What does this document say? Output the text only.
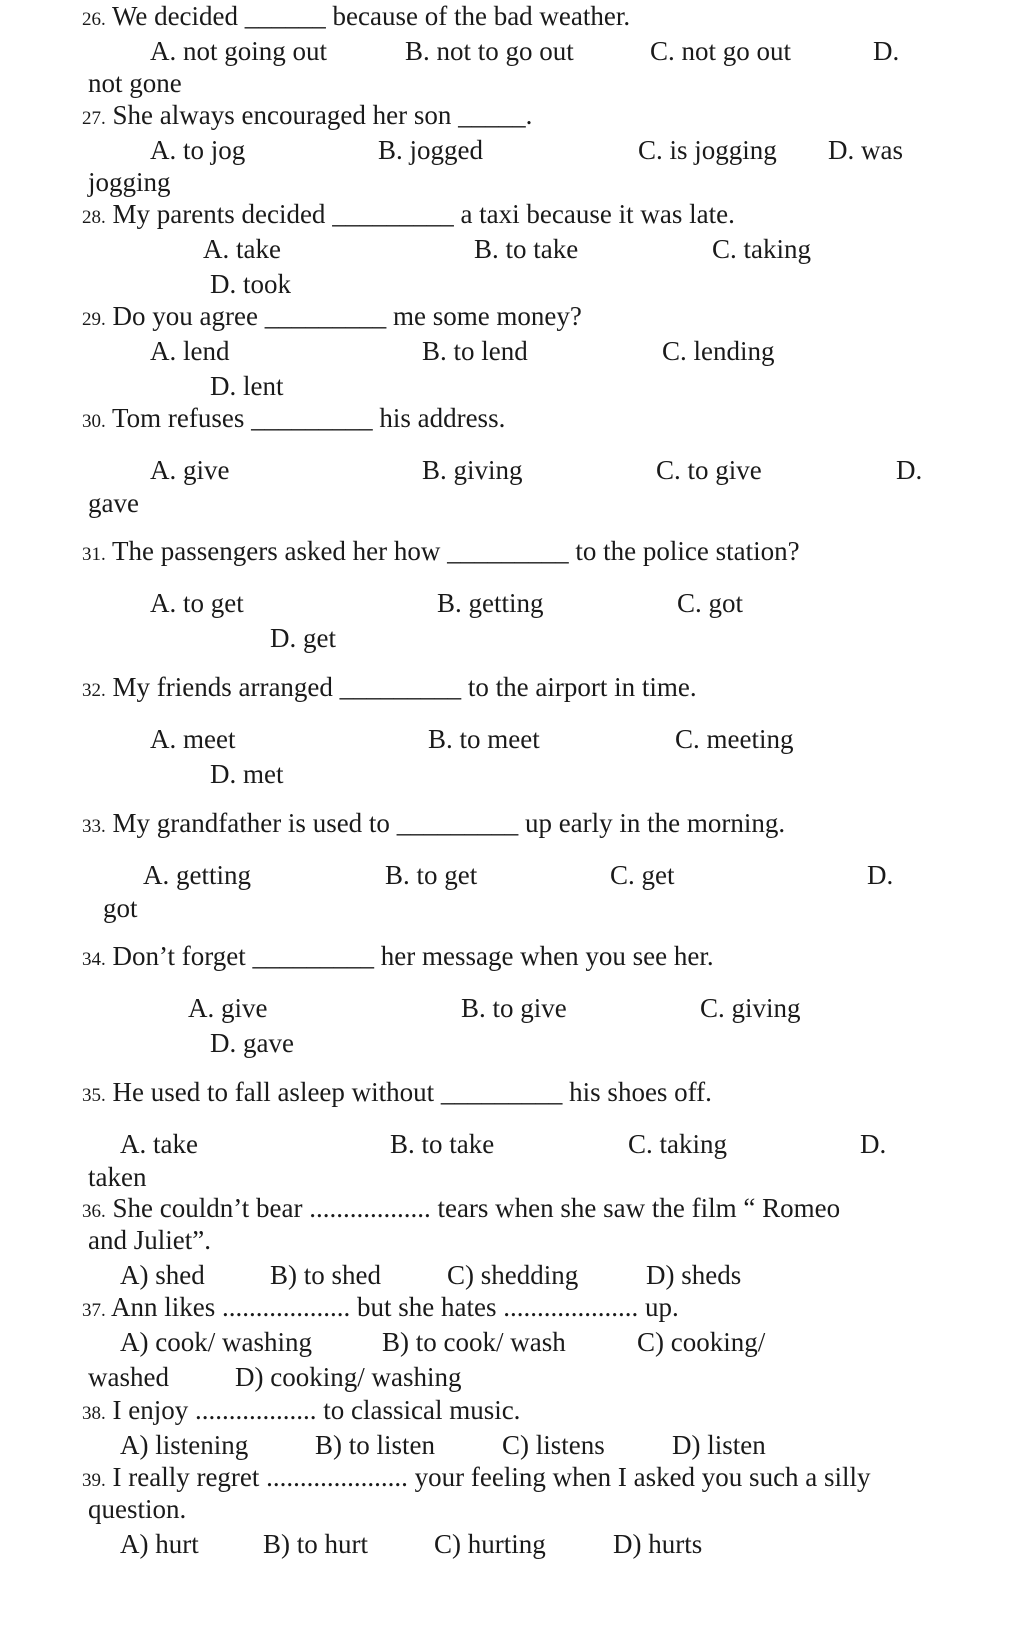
26. We decided ______ because of the bad weather.
A. not going out	B. not to go out	C. not go out	D.
not gone
27. She always encouraged her son _____.
A. to jog	B. jogged	C. is jogging D. was
jogging
28. My parents decided _________ a taxi because it was late.
A. take	B. to take	C. taking
D. took
29. Do you agree _________ me some money?
A. lend	B. to lend	C. lending
D. lent
30. Tom refuses _________ his address.
A. give	B. giving	C. to give	D.
gave
31. The passengers asked her how _________ to the police station?
A. to get	B. getting	C. got
D. get
32. My friends arranged _________ to the airport in time.
A. meet	B. to meet	C. meeting
D. met
33. My grandfather is used to _________ up early in the morning.
A. getting	B. to get	C. get	D.
got
34. Don’t forget _________ her message when you see her.
A. give	B. to give	C. giving
D. gave
35. He used to fall asleep without _________ his shoes off.
A. take	B. to take	C. taking	D.
taken
36. She couldn’t bear .................. tears when she saw the film “ Romeo
and Juliet”.
A) shed B) to shed C) shedding	D) sheds
37. Ann likes ................... but she hates .................... up.
A) cook/ washing	B) to cook/ wash	C) cooking/
washed D) cooking/ washing
38. I enjoy .................. to classical music.
A) listening B) to listen C) listens D) listen
39. I really regret ..................... your feeling when I asked you such a silly
question.
A) hurt B) to hurt C) hurting D) hurts
